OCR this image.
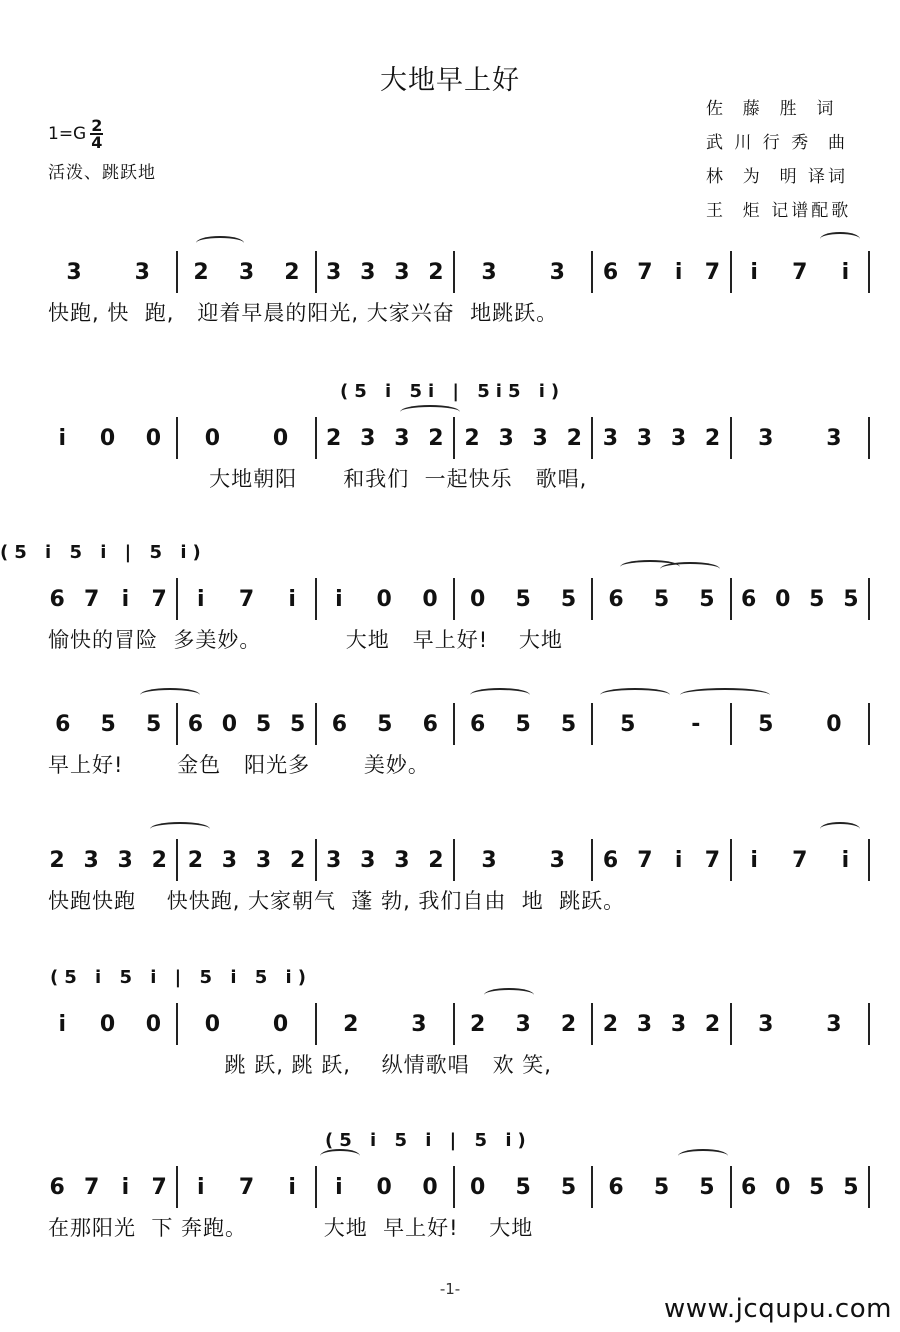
大地早上好
佐  藤  胜  词
武 川 行 秀  曲
林  为  明 译词
王  炬 记谱配歌
1=G 2
4
活泼、跳跃地
3 3 2 3 2 3 3 3 2 3 3 6 7 i 7 i 7 i
快跑, 快  跑,   迎着早晨的阳光, 大家兴奋  地跳跃。
(5 i 5i | 5i5 i)
i 0 0 0 0 2 3 3 2 2 3 3 2 3 3 3 2 3 3
大地朝阳      和我们  一起快乐   歌唱,
(5 i 5 i | 5 i)
6 7 i 7 i 7 i i 0 0 0 5 5 6 5 5 6 0 5 5
愉快的冒险  多美妙。           大地   早上好!    大地
6 5 5 6 0 5 5 6 5 6 6 5 5 5	-	5 0
早上好!       金色   阳光多       美妙。
2 3 3 2 2 3 3 2 3 3 3 2 3 3 6 7 i 7 i 7 i
快跑快跑    快快跑, 大家朝气  蓬 勃, 我们自由  地  跳跃。
(5 i 5 i | 5 i 5 i)
i 0 0 0 0 2 3 2 3 2 2 3 3 2 3 3
跳 跃, 跳 跃,    纵情歌唱   欢 笑,
(5 i 5 i | 5 i)
6 7 i 7 i 7 i i 0 0 0 5 5 6 5 5 6 0 5 5
在那阳光  下 奔跑。          大地  早上好!    大地
-1-
www.jcqupu.com
